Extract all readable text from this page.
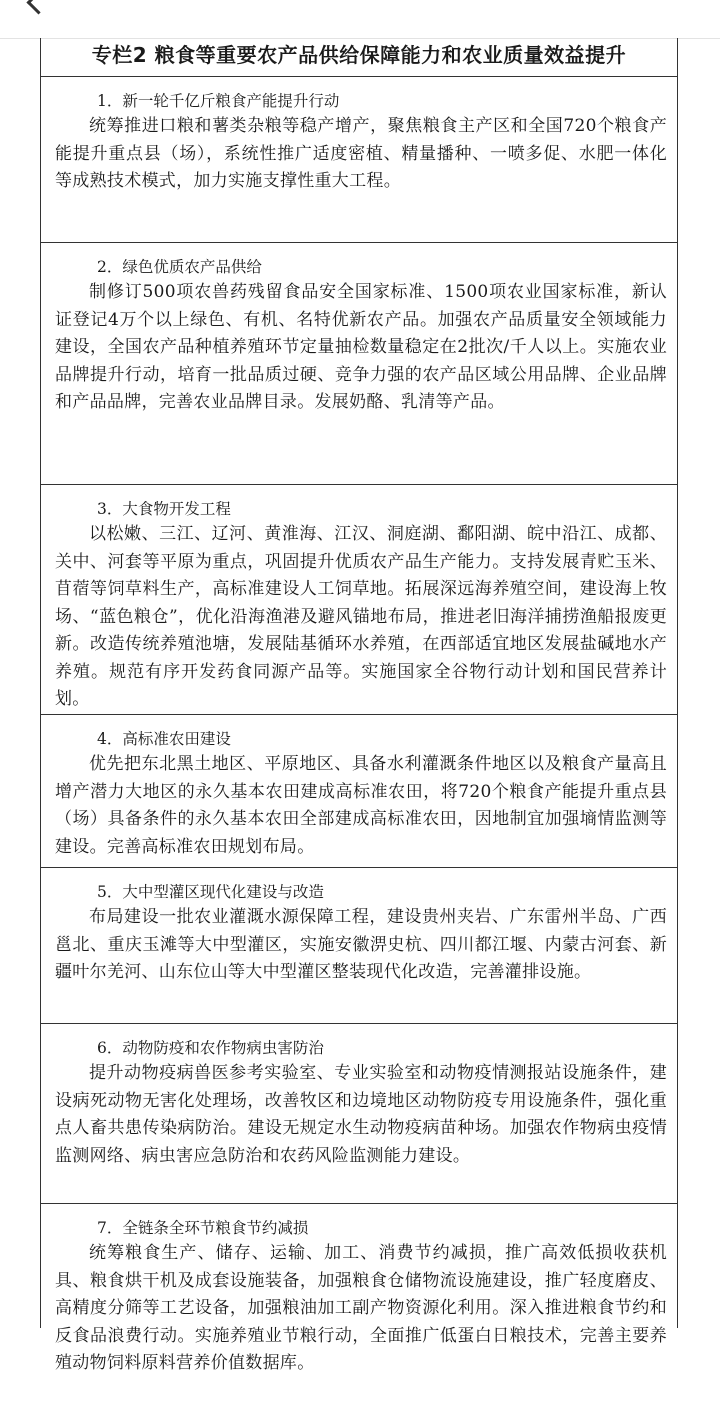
专栏2 粮食等重要农产品供给保障能力和农业质量效益提升
1．新一轮千亿斤粮食产能提升行动

统筹推进口粮和薯类杂粮等稳产增产，聚焦粮食主产区和全国720个粮食产能提升重点县（场），系统性推广适度密植、精量播种、一喷多促、水肥一体化等成熟技术模式，加力实施支撑性重大工程。

2．绿色优质农产品供给

制修订500项农兽药残留食品安全国家标准、1500项农业国家标准，新认证登记4万个以上绿色、有机、名特优新农产品。加强农产品质量安全领域能力建设，全国农产品种植养殖环节定量抽检数量稳定在2批次/千人以上。实施农业品牌提升行动，培育一批品质过硬、竞争力强的农产品区域公用品牌、企业品牌和产品品牌，完善农业品牌目录。发展奶酪、乳清等产品。

3．大食物开发工程

以松嫩、三江、辽河、黄淮海、江汉、洞庭湖、鄱阳湖、皖中沿江、成都、关中、河套等平原为重点，巩固提升优质农产品生产能力。支持发展青贮玉米、苜蓿等饲草料生产，高标准建设人工饲草地。拓展深远海养殖空间，建设海上牧场、“蓝色粮仓”，优化沿海渔港及避风锚地布局，推进老旧海洋捕捞渔船报废更新。改造传统养殖池塘，发展陆基循环水养殖，在西部适宜地区发展盐碱地水产养殖。规范有序开发药食同源产品等。实施国家全谷物行动计划和国民营养计划。

4．高标准农田建设

优先把东北黑土地区、平原地区、具备水利灌溉条件地区以及粮食产量高且增产潜力大地区的永久基本农田建成高标准农田，将720个粮食产能提升重点县（场）具备条件的永久基本农田全部建成高标准农田，因地制宜加强墒情监测等建设。完善高标准农田规划布局。

5．大中型灌区现代化建设与改造

布局建设一批农业灌溉水源保障工程，建设贵州夹岩、广东雷州半岛、广西邕北、重庆玉滩等大中型灌区，实施安徽淠史杭、四川都江堰、内蒙古河套、新疆叶尔羌河、山东位山等大中型灌区整装现代化改造，完善灌排设施。

6．动物防疫和农作物病虫害防治

提升动物疫病兽医参考实验室、专业实验室和动物疫情测报站设施条件，建设病死动物无害化处理场，改善牧区和边境地区动物防疫专用设施条件，强化重点人畜共患传染病防治。建设无规定水生动物疫病苗种场。加强农作物病虫疫情监测网络、病虫害应急防治和农药风险监测能力建设。

7．全链条全环节粮食节约减损

统筹粮食生产、储存、运输、加工、消费节约减损，推广高效低损收获机具、粮食烘干机及成套设施装备，加强粮食仓储物流设施建设，推广轻度磨皮、高精度分筛等工艺设备，加强粮油加工副产物资源化利用。深入推进粮食节约和反食品浪费行动。实施养殖业节粮行动，全面推广低蛋白日粮技术，完善主要养殖动物饲料原料营养价值数据库。
